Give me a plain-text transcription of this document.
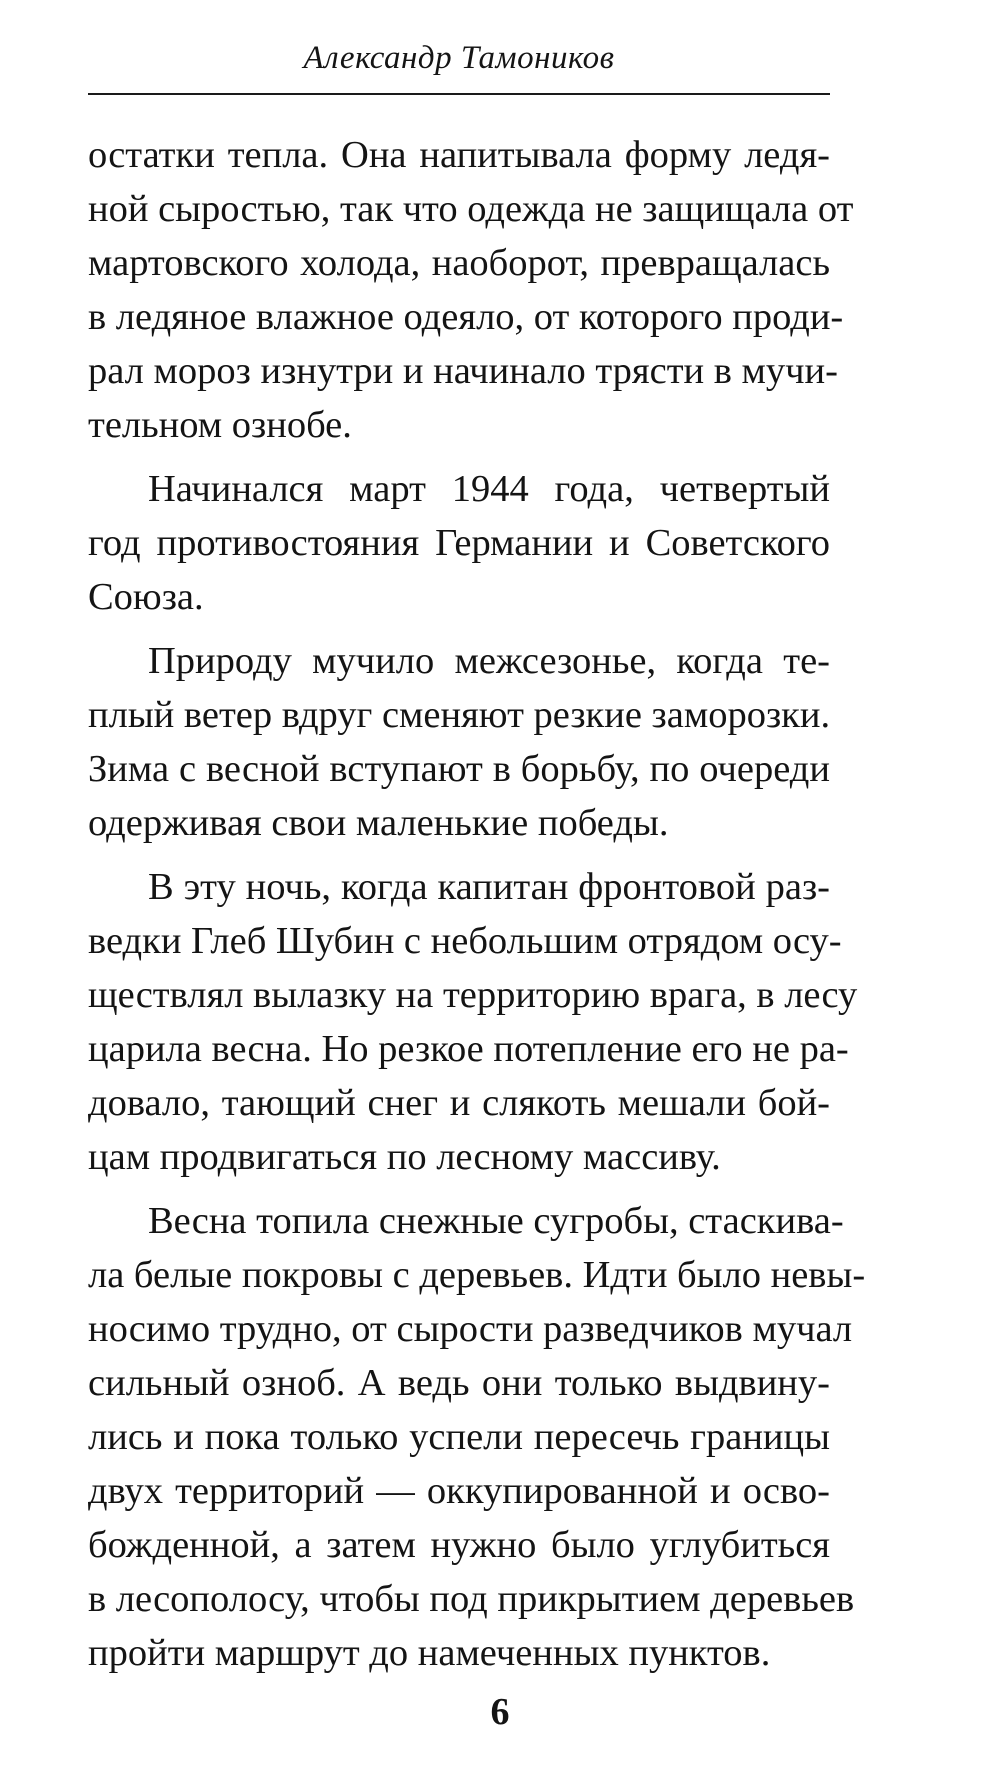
Александр Тамоников
остатки тепла. Она напитывала форму ледя-
ной сыростью, так что одежда не защищала от
мартовского холода, наоборот, превращалась
в ледяное влажное одеяло, от которого проди-
рал мороз изнутри и начинало трясти в мучи-
тельном ознобе.
Начинался март 1944 года, четвертый
год противостояния Германии и Советского
Союза.
Природу мучило межсезонье, когда те-
плый ветер вдруг сменяют резкие заморозки.
Зима с весной вступают в борьбу, по очереди
одерживая свои маленькие победы.
В эту ночь, когда капитан фронтовой раз-
ведки Глеб Шубин с небольшим отрядом осу-
ществлял вылазку на территорию врага, в лесу
царила весна. Но резкое потепление его не ра-
довало, тающий снег и слякоть мешали бой-
цам продвигаться по лесному массиву.
Весна топила снежные сугробы, стаскива-
ла белые покровы с деревьев. Идти было невы-
носимо трудно, от сырости разведчиков мучал
сильный озноб. А ведь они только выдвину-
лись и пока только успели пересечь границы
двух территорий — оккупированной и осво-
божденной, а затем нужно было углубиться
в лесополосу, чтобы под прикрытием деревьев
пройти маршрут до намеченных пунктов.
6
